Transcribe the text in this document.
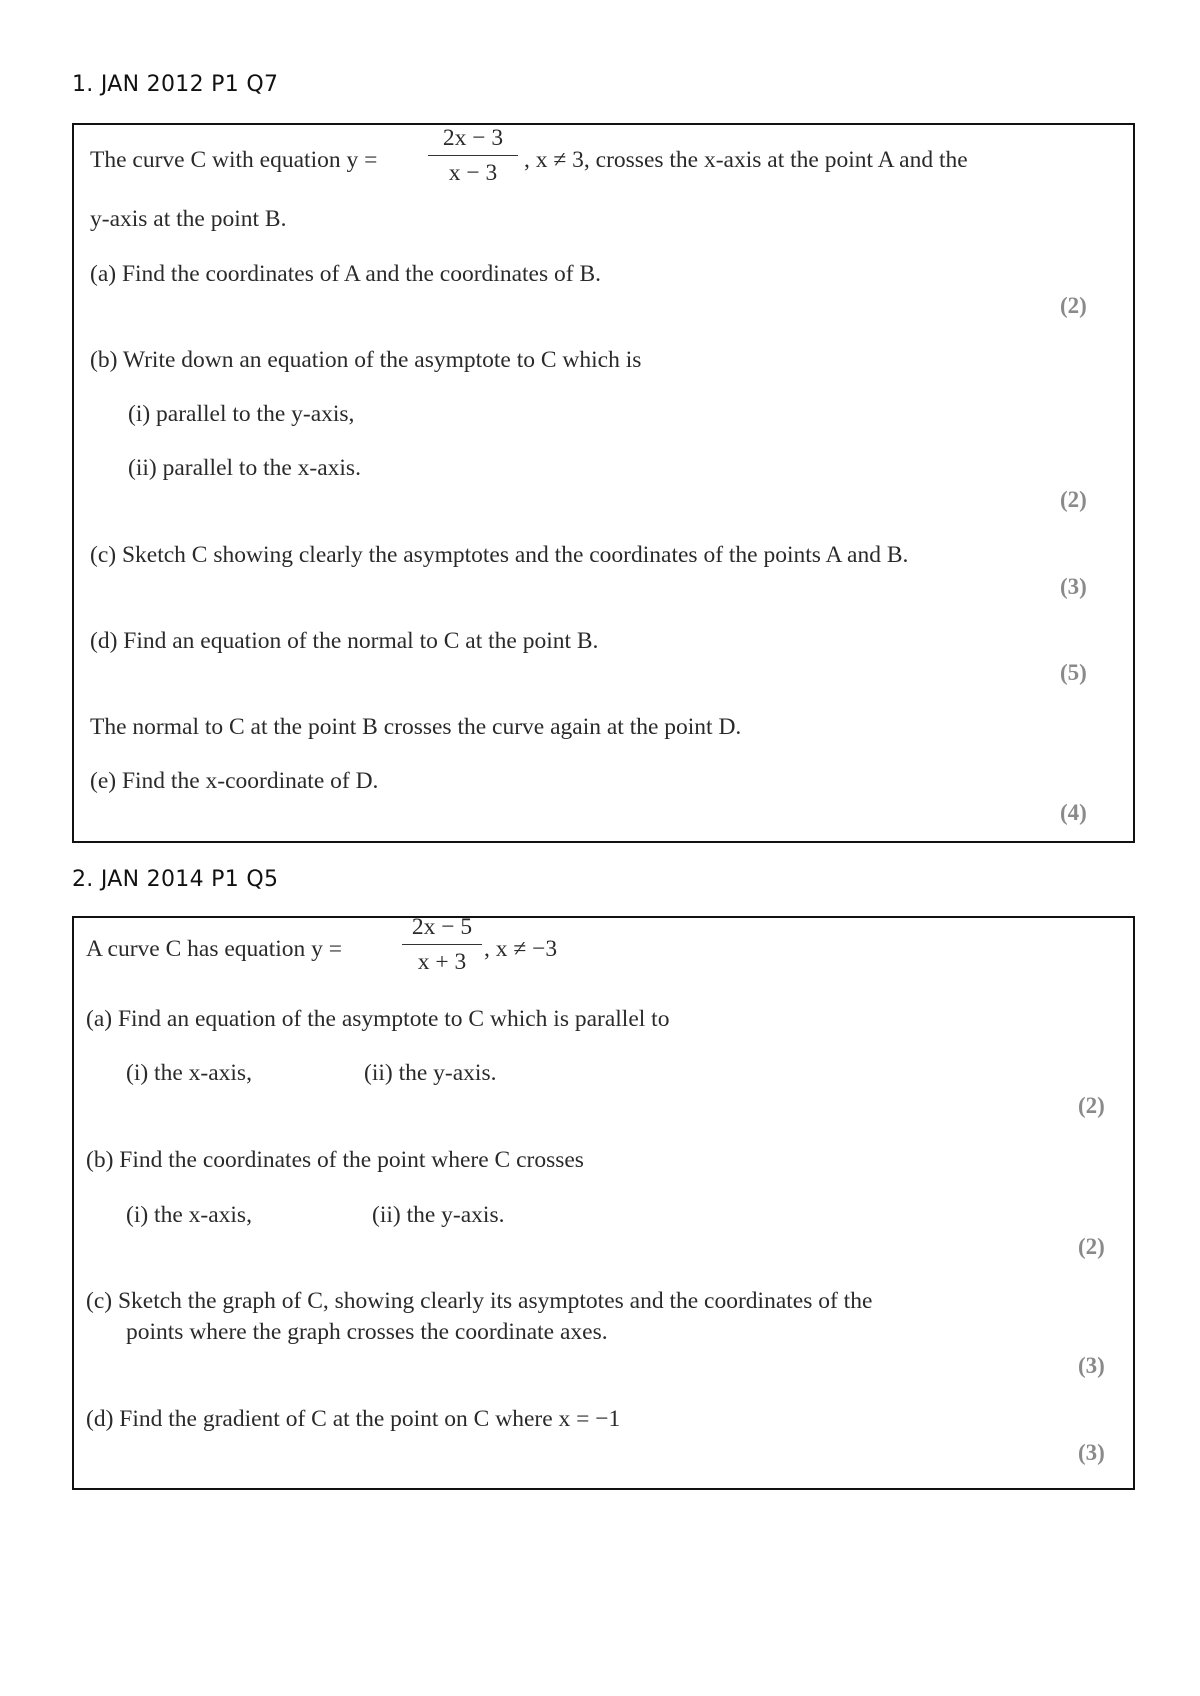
1. JAN 2012 P1 Q7
The curve C with equation y =
2x − 3
x − 3	, x ≠ 3, crosses the x-axis at the point A and the
y-axis at the point B.
(a) Find the coordinates of A and the coordinates of B.
(2)
(b) Write down an equation of the asymptote to C which is
(i) parallel to the y-axis,
(ii) parallel to the x-axis.
(2)
(c) Sketch C showing clearly the asymptotes and the coordinates of the points A and B.
(3)
(d) Find an equation of the normal to C at the point B.
(5)
The normal to C at the point B crosses the curve again at the point D.
(e) Find the x-coordinate of D.
(4)
2. JAN 2014 P1 Q5
A curve C has equation y =
2x − 5
x + 3 , x ≠ −3
(a) Find an equation of the asymptote to C which is parallel to
(i) the x-axis,	(ii) the y-axis.
(2)
(b) Find the coordinates of the point where C crosses
(i) the x-axis,	(ii) the y-axis.
(2)
(c) Sketch the graph of C, showing clearly its asymptotes and the coordinates of the
points where the graph crosses the coordinate axes.
(3)
(d) Find the gradient of C at the point on C where x = −1
(3)
